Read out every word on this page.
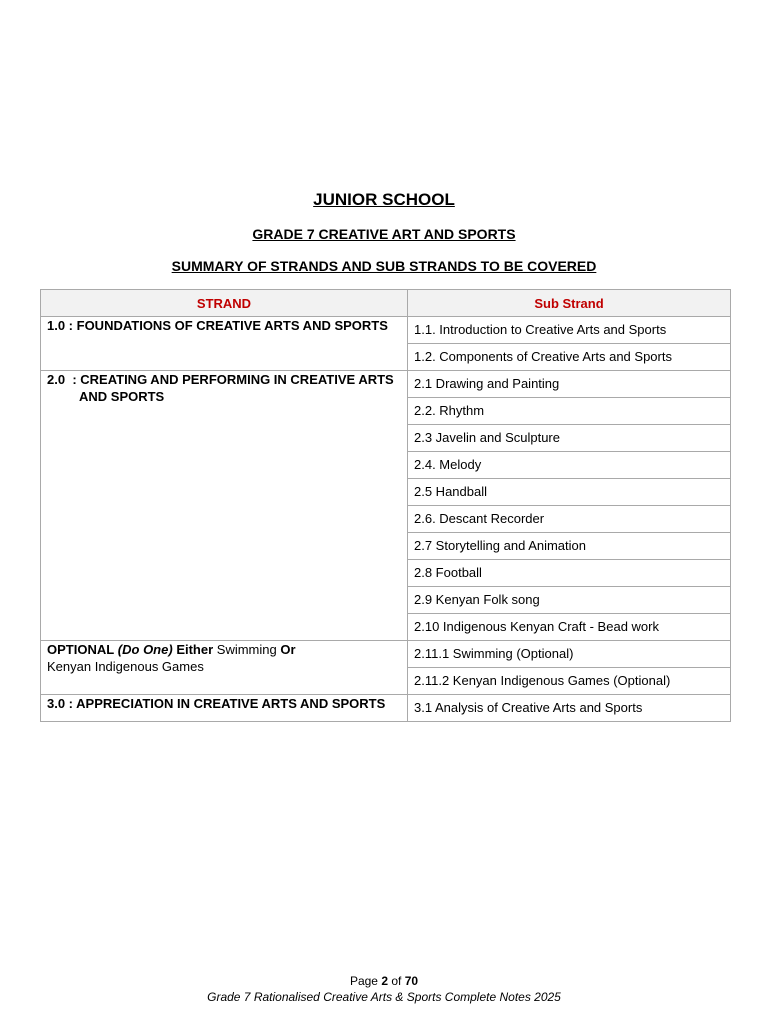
JUNIOR SCHOOL
GRADE 7 CREATIVE ART AND SPORTS
SUMMARY OF STRANDS AND SUB STRANDS TO BE COVERED
STRAND	Sub Strand
1.0 : FOUNDATIONS OF CREATIVE ARTS AND SPORTS	1.1. Introduction to Creative Arts and Sports
	1.2. Components of Creative Arts and Sports

2.0 : CREATING AND PERFORMING IN CREATIVE ARTS
AND SPORTS	2.1 Drawing and Painting
	2.2. Rhythm
	2.3 Javelin and Sculpture
	2.4. Melody
	2.5 Handball
	2.6. Descant Recorder
	2.7 Storytelling and Animation
	2.8 Football
	2.9 Kenyan Folk song
	2.10 Indigenous Kenyan Craft - Bead work

OPTIONAL (Do One) Either Swimming Or
Kenyan Indigenous Games	2.11.1 Swimming (Optional)
	2.11.2 Kenyan Indigenous Games (Optional)
3.0 : APPRECIATION IN CREATIVE ARTS AND SPORTS	3.1 Analysis of Creative Arts and Sports
Page 2 of 70
Grade 7 Rationalised Creative Arts & Sports Complete Notes 2025
